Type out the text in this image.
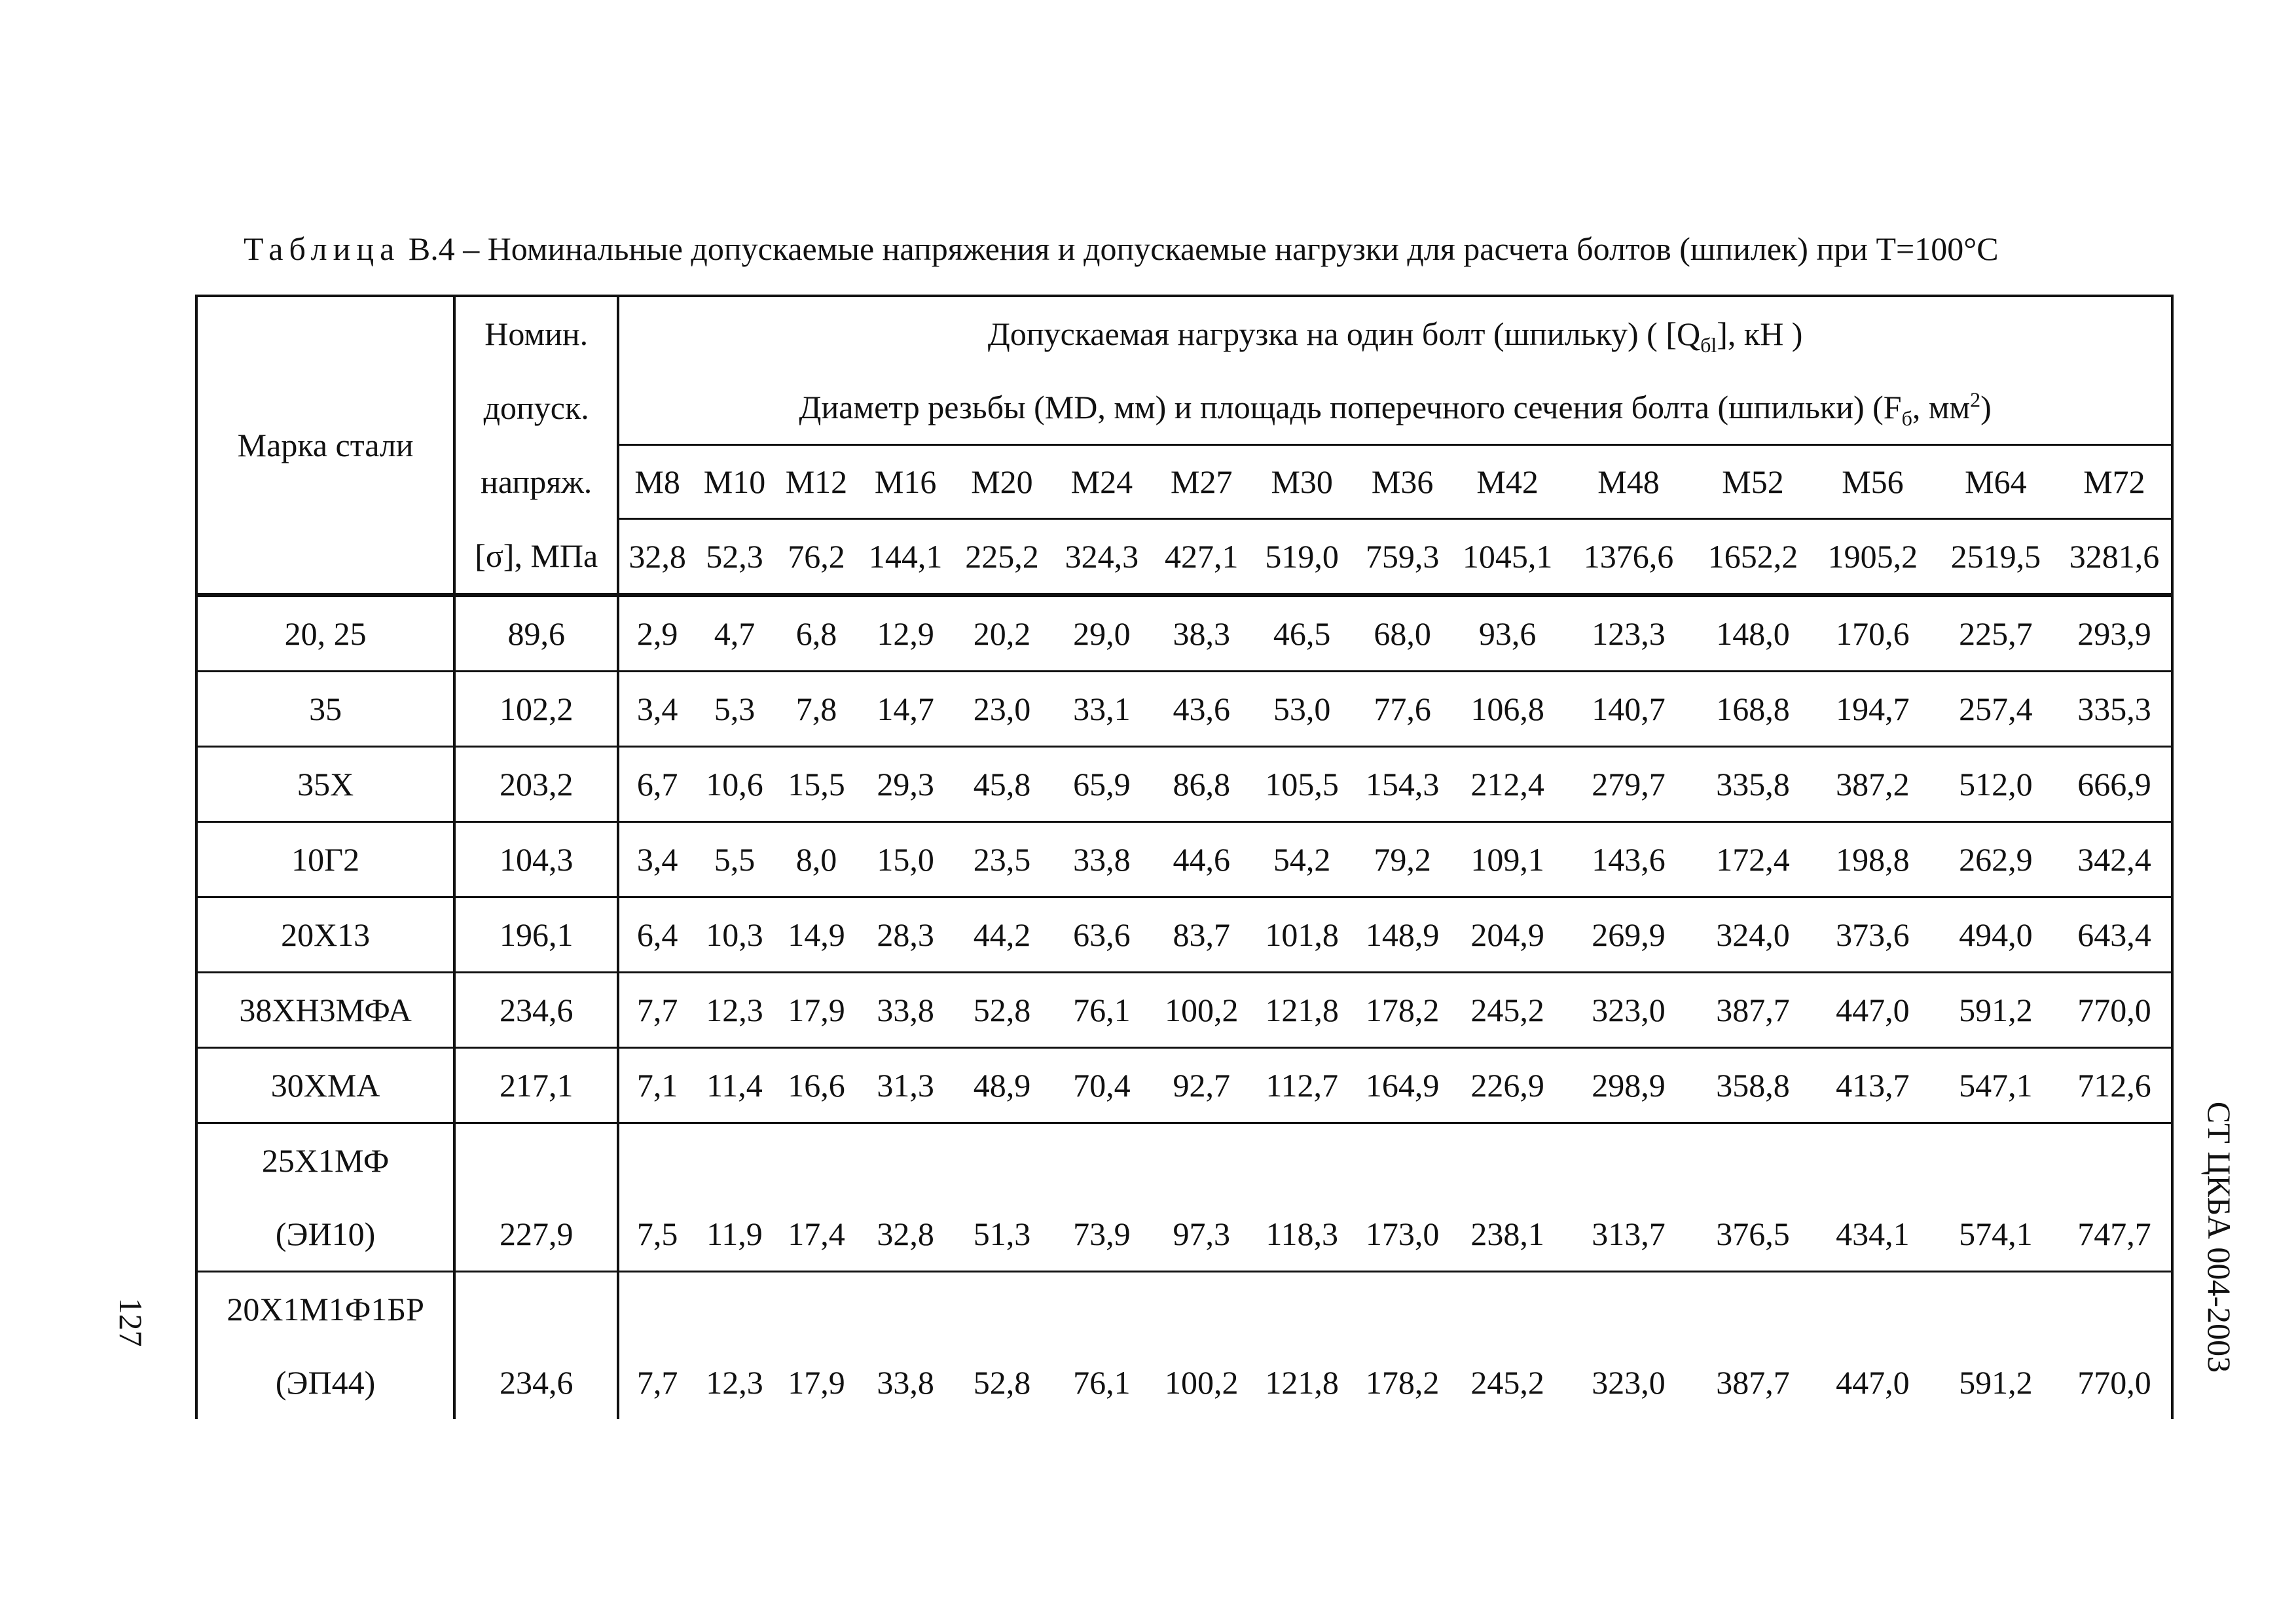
Таблица В.4 – Номинальные допускаемые напряжения и допускаемые нагрузки для расчета болтов (шпилек) при Т=100°С
Марка стали	Номин.	Допускаемая нагрузка на один болт (шпильку) ( $[Q_{бl}]$, кН )														
	допуск.	Диаметр резьбы (MD, мм) и площадь поперечного сечения болта (шпильки) ($F_б$, $мм^2$)														
	напряж.	M8	M10	M12	M16	M20	M24	M27	M30	M36	M42	M48	M52	M56	M64	M72
	[σ], МПа	32,8	52,3	76,2	144,1	225,2	324,3	427,1	519,0	759,3	1045,1	1376,6	1652,2	1905,2	2519,5	3281,6
20, 25	89,6	2,9	4,7	6,8	12,9	20,2	29,0	38,3	46,5	68,0	93,6	123,3	148,0	170,6	225,7	293,9
35	102,2	3,4	5,3	7,8	14,7	23,0	33,1	43,6	53,0	77,6	106,8	140,7	168,8	194,7	257,4	335,3
35Х	203,2	6,7	10,6	15,5	29,3	45,8	65,9	86,8	105,5	154,3	212,4	279,7	335,8	387,2	512,0	666,9
10Г2	104,3	3,4	5,5	8,0	15,0	23,5	33,8	44,6	54,2	79,2	109,1	143,6	172,4	198,8	262,9	342,4
20Х13	196,1	6,4	10,3	14,9	28,3	44,2	63,6	83,7	101,8	148,9	204,9	269,9	324,0	373,6	494,0	643,4
38ХН3МФА	234,6	7,7	12,3	17,9	33,8	52,8	76,1	100,2	121,8	178,2	245,2	323,0	387,7	447,0	591,2	770,0
30ХМА	217,1	7,1	11,4	16,6	31,3	48,9	70,4	92,7	112,7	164,9	226,9	298,9	358,8	413,7	547,1	712,6
25Х1МФ																
(ЭИ10)	227,9	7,5	11,9	17,4	32,8	51,3	73,9	97,3	118,3	173,0	238,1	313,7	376,5	434,1	574,1	747,7
20Х1М1Ф1БР																
(ЭП44)	234,6	7,7	12,3	17,9	33,8	52,8	76,1	100,2	121,8	178,2	245,2	323,0	387,7	447,0	591,2	770,0
127	СТ ЦКБА 004-2003
